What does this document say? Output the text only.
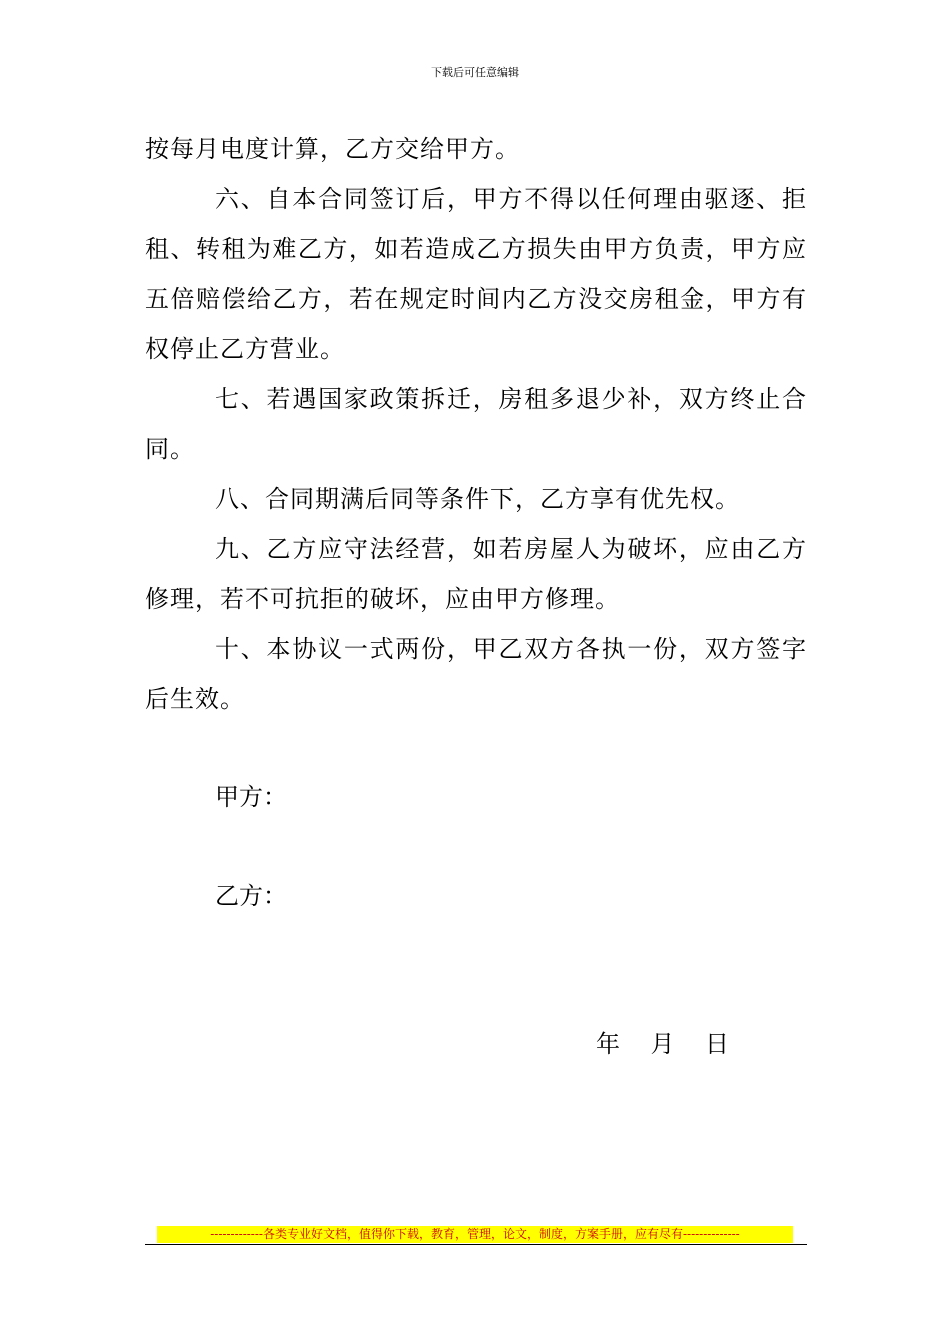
下载后可任意编辑

按每月电度计算，乙方交给甲方。

六、自本合同签订后，甲方不得以任何理由驱逐、拒租、转租为难乙方，如若造成乙方损失由甲方负责，甲方应五倍赔偿给乙方，若在规定时间内乙方没交房租金，甲方有权停止乙方营业。

七、若遇国家政策拆迁，房租多退少补，双方终止合同。

八、合同期满后同等条件下，乙方享有优先权。

九、乙方应守法经营，如若房屋人为破坏，应由乙方修理，若不可抗拒的破坏，应由甲方修理。

十、本协议一式两份，甲乙双方各执一份，双方签字后生效。

甲方：
乙方：
年    月    日
-------------各类专业好文档，值得你下载，教育，管理，论文，制度，方案手册，应有尽有--------------
